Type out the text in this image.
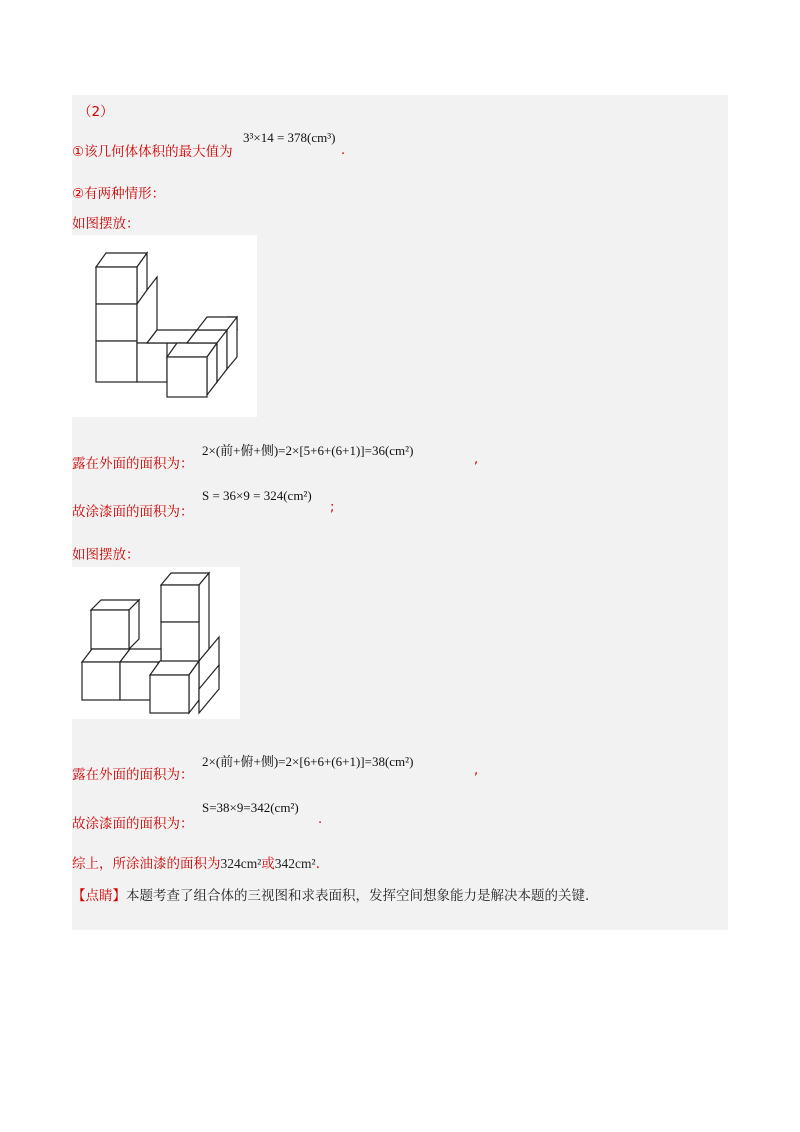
（2）
①该几何体体积的最大值为
3³×14 = 378(cm³)
.
②有两种情形：
如图摆放：
露在外面的面积为：
2×(前+俯+侧)=2×[5+6+(6+1)]=36(cm²)
,
故涂漆面的面积为：
S = 36×9 = 324(cm²)
;
如图摆放：
露在外面的面积为：
2×(前+俯+侧)=2×[6+6+(6+1)]=38(cm²)
,
故涂漆面的面积为：
S=38×9=342(cm²)
.
综上，所涂油漆的面积为324cm²或342cm².
【点睛】本题考查了组合体的三视图和求表面积，发挥空间想象能力是解决本题的关键.
